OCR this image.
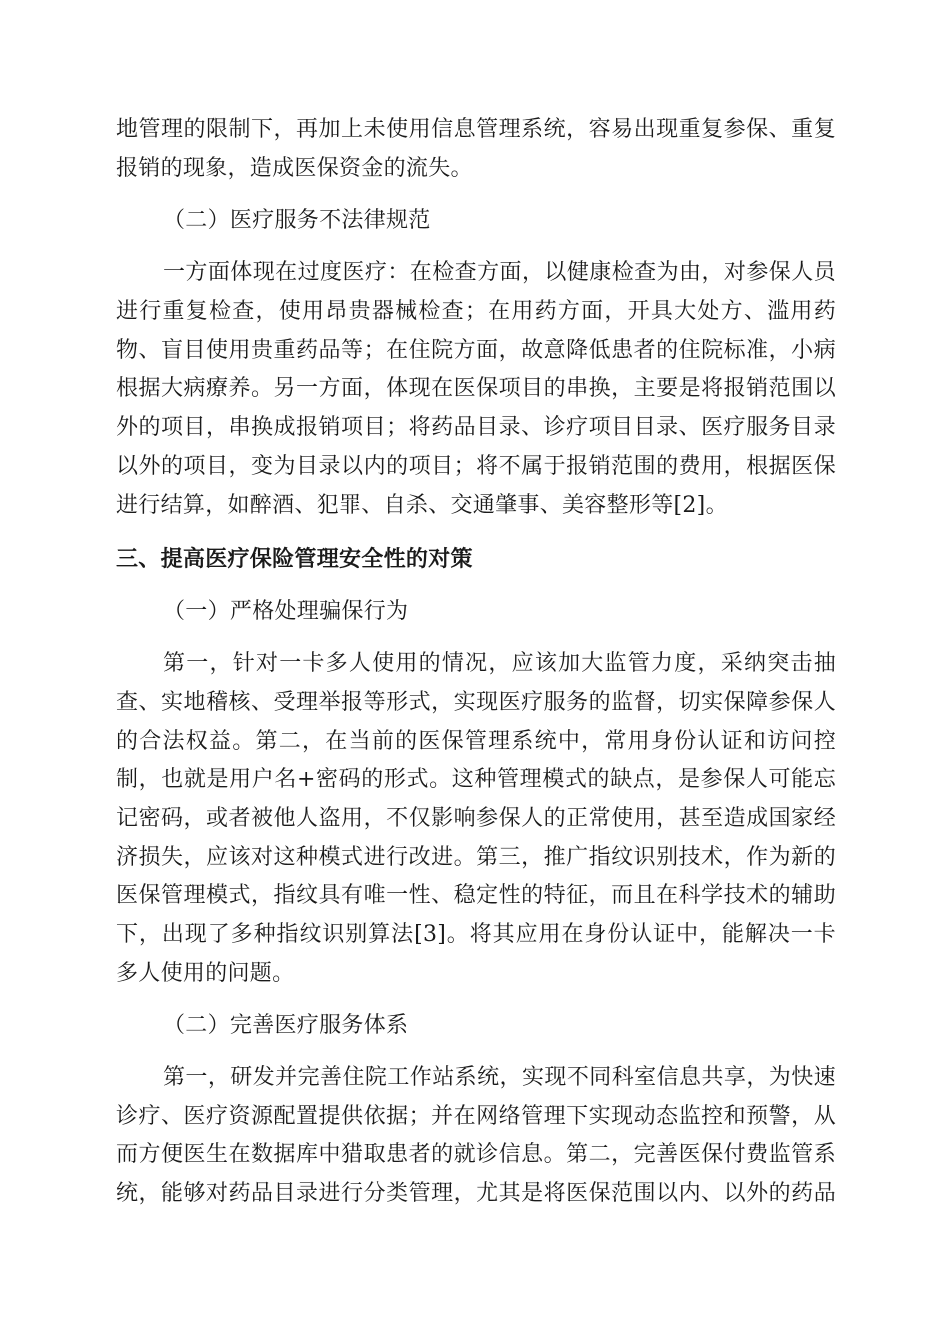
地管理的限制下，再加上未使用信息管理系统，容易出现重复参保、重复
报销的现象，造成医保资金的流失。
（二）医疗服务不法律规范
一方面体现在过度医疗：在检查方面，以健康检查为由，对参保人员
进行重复检查，使用昂贵器械检查；在用药方面，开具大处方、滥用药
物、盲目使用贵重药品等；在住院方面，故意降低患者的住院标准，小病
根据大病療养。另一方面，体现在医保项目的串换，主要是将报销范围以
外的项目，串换成报销项目；将药品目录、诊疗项目目录、医疗服务目录
以外的项目，变为目录以内的项目；将不属于报销范围的费用，根据医保
进行结算，如醉酒、犯罪、自杀、交通肇事、美容整形等[2]。
三、提高医疗保险管理安全性的对策
（一）严格处理骗保行为
第一，针对一卡多人使用的情况，应该加大监管力度，采纳突击抽
查、实地稽核、受理举报等形式，实现医疗服务的监督，切实保障参保人
的合法权益。第二，在当前的医保管理系统中，常用身份认证和访问控
制，也就是用户名+密码的形式。这种管理模式的缺点，是参保人可能忘
记密码，或者被他人盗用，不仅影响参保人的正常使用，甚至造成国家经
济损失，应该对这种模式进行改进。第三，推广指纹识别技术，作为新的
医保管理模式，指纹具有唯一性、稳定性的特征，而且在科学技术的辅助
下，出现了多种指纹识别算法[3]。将其应用在身份认证中，能解决一卡
多人使用的问题。
（二）完善医疗服务体系
第一，研发并完善住院工作站系统，实现不同科室信息共享，为快速
诊疗、医疗资源配置提供依据；并在网络管理下实现动态监控和预警，从
而方便医生在数据库中猎取患者的就诊信息。第二，完善医保付费监管系
统，能够对药品目录进行分类管理，尤其是将医保范围以内、以外的药品
